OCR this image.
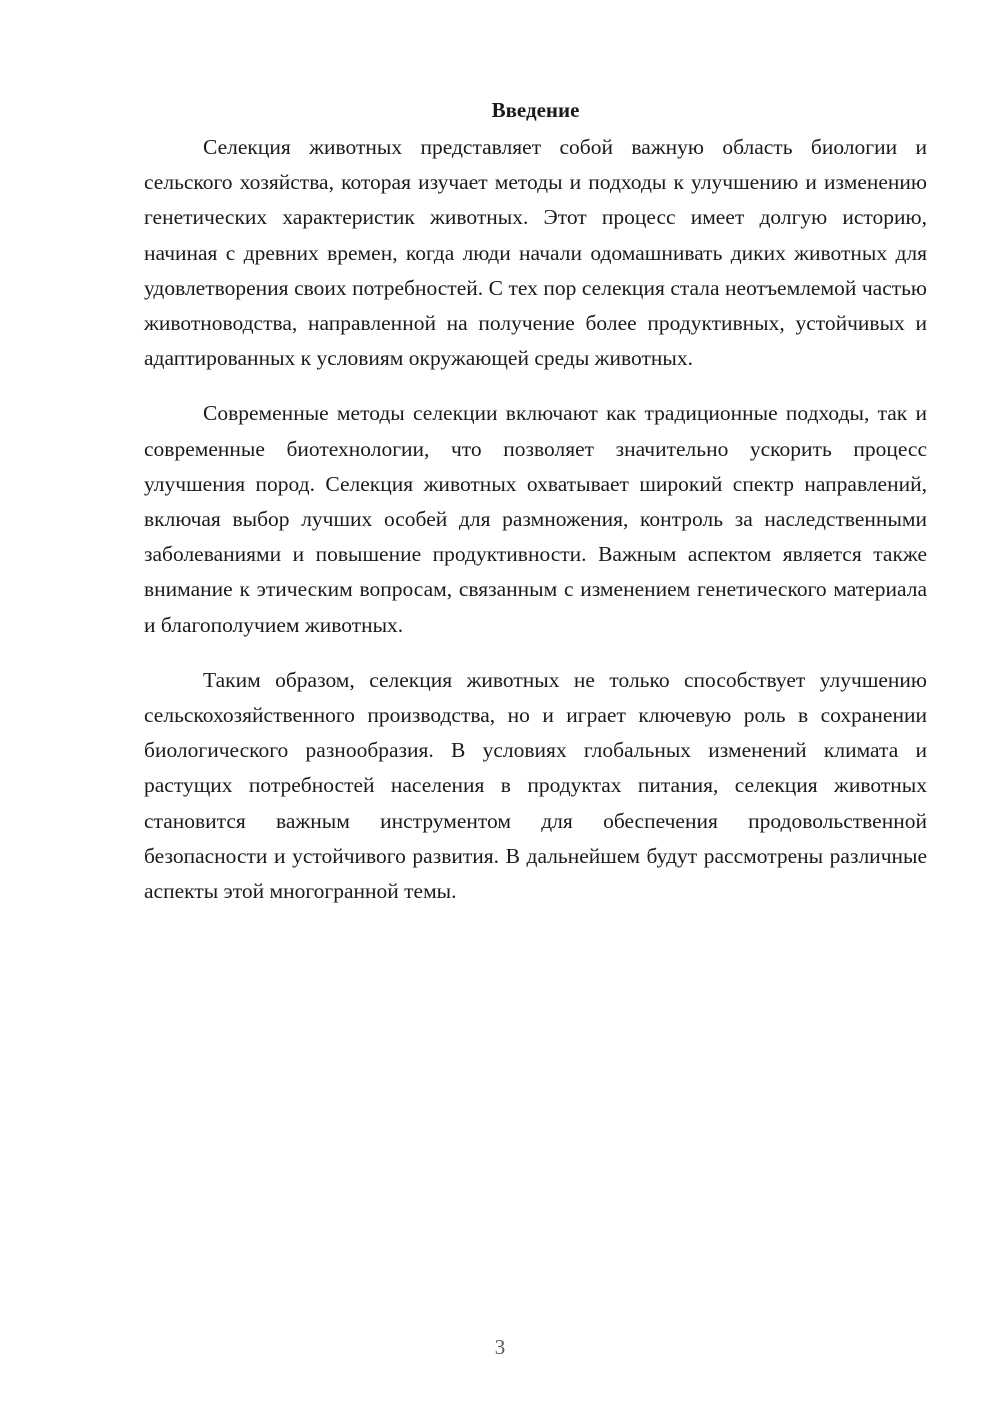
Введение

Селекция животных представляет собой важную область биологии и сельского хозяйства, которая изучает методы и подходы к улучшению и изменению генетических характеристик животных. Этот процесс имеет долгую историю, начиная с древних времен, когда люди начали одомашнивать диких животных для удовлетворения своих потребностей. С тех пор селекция стала неотъемлемой частью животноводства, направленной на получение более продуктивных, устойчивых и адаптированных к условиям окружающей среды животных.

Современные методы селекции включают как традиционные подходы, так и современные биотехнологии, что позволяет значительно ускорить процесс улучшения пород. Селекция животных охватывает широкий спектр направлений, включая выбор лучших особей для размножения, контроль за наследственными заболеваниями и повышение продуктивности. Важным аспектом является также внимание к этическим вопросам, связанным с изменением генетического материала и благополучием животных.

Таким образом, селекция животных не только способствует улучшению сельскохозяйственного производства, но и играет ключевую роль в сохранении биологического разнообразия. В условиях глобальных изменений климата и растущих потребностей населения в продуктах питания, селекция животных становится важным инструментом для обеспечения продовольственной безопасности и устойчивого развития. В дальнейшем будут рассмотрены различные аспекты этой многогранной темы.

3
